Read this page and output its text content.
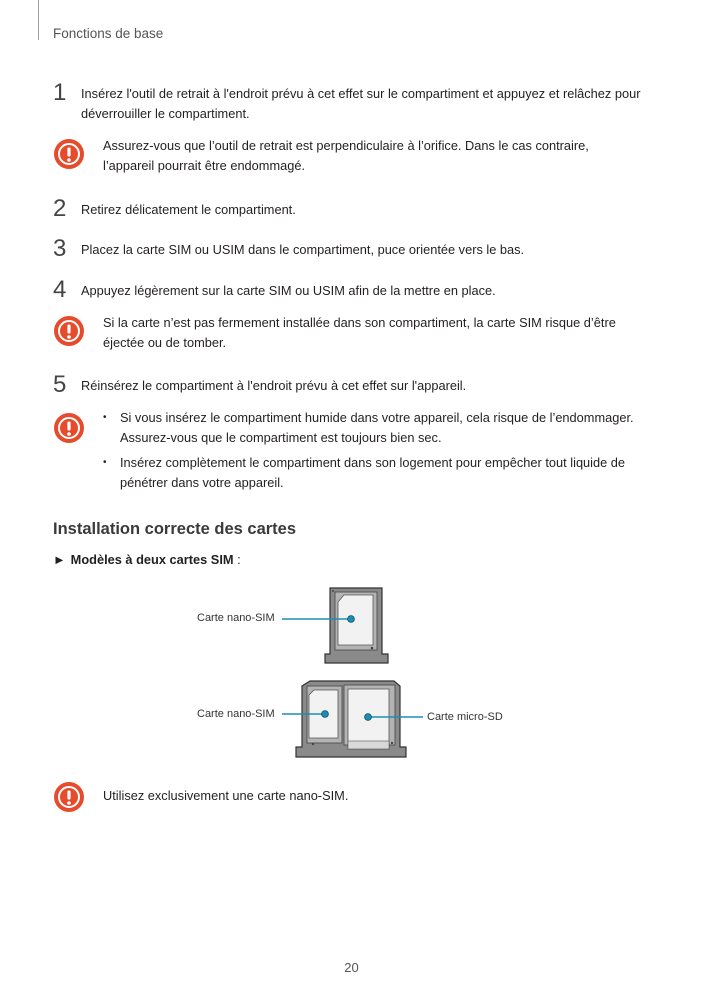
Fonctions de base
1 Insérez l'outil de retrait à l'endroit prévu à cet effet sur le compartiment et appuyez et relâchez pour déverrouiller le compartiment.
Assurez-vous que l’outil de retrait est perpendiculaire à l’orifice. Dans le cas contraire, l’appareil pourrait être endommagé.
2 Retirez délicatement le compartiment.
3 Placez la carte SIM ou USIM dans le compartiment, puce orientée vers le bas.
4 Appuyez légèrement sur la carte SIM ou USIM afin de la mettre en place.
Si la carte n’est pas fermement installée dans son compartiment, la carte SIM risque d’être éjectée ou de tomber.
5 Réinsérez le compartiment à l'endroit prévu à cet effet sur l'appareil.
• Si vous insérez le compartiment humide dans votre appareil, cela risque de l’endommager. Assurez-vous que le compartiment est toujours bien sec.
• Insérez complètement le compartiment dans son logement pour empêcher tout liquide de pénétrer dans votre appareil.
Installation correcte des cartes
► Modèles à deux cartes SIM :
Carte nano-SIM
Carte nano-SIM	Carte micro-SD
Utilisez exclusivement une carte nano-SIM.
20
